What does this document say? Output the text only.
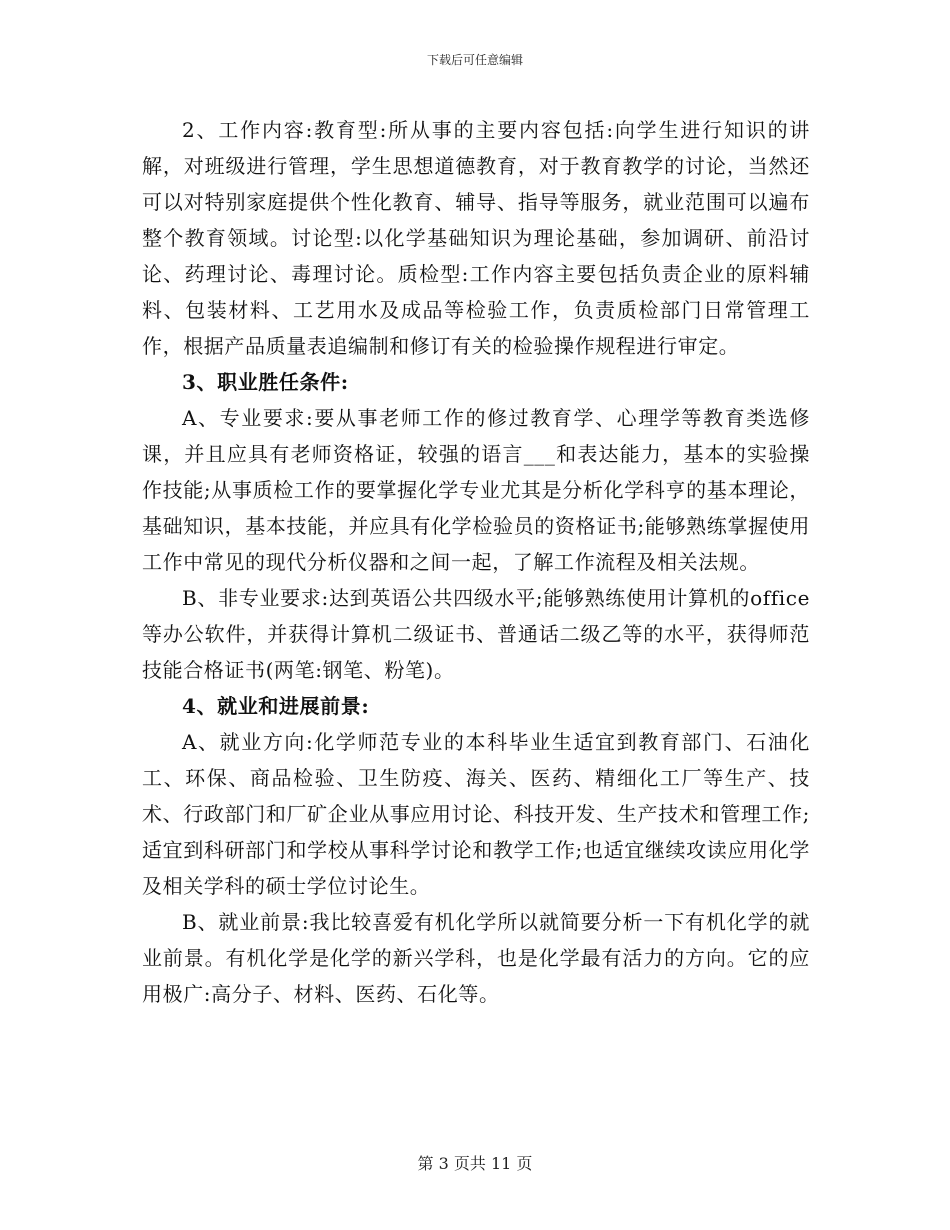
下载后可任意编辑

2、工作内容:教育型:所从事的主要内容包括:向学生进行知识的讲解，对班级进行管理，学生思想道德教育，对于教育教学的讨论，当然还可以对特别家庭提供个性化教育、辅导、指导等服务，就业范围可以遍布整个教育领域。讨论型:以化学基础知识为理论基础，参加调研、前沿讨论、药理讨论、毒理讨论。质检型:工作内容主要包括负责企业的原料辅料、包装材料、工艺用水及成品等检验工作，负责质检部门日常管理工作，根据产品质量表追编制和修订有关的检验操作规程进行审定。

3、职业胜任条件:

A、专业要求:要从事老师工作的修过教育学、心理学等教育类选修课，并且应具有老师资格证，较强的语言___和表达能力，基本的实验操作技能;从事质检工作的要掌握化学专业尤其是分析化学科亨的基本理论，基础知识，基本技能，并应具有化学检验员的资格证书;能够熟练掌握使用工作中常见的现代分析仪器和之间一起，了解工作流程及相关法规。

B、非专业要求:达到英语公共四级水平;能够熟练使用计算机的office等办公软件，并获得计算机二级证书、普通话二级乙等的水平，获得师范技能合格证书(两笔:钢笔、粉笔)。

4、就业和进展前景:

A、就业方向:化学师范专业的本科毕业生适宜到教育部门、石油化工、环保、商品检验、卫生防疫、海关、医药、精细化工厂等生产、技术、行政部门和厂矿企业从事应用讨论、科技开发、生产技术和管理工作;适宜到科研部门和学校从事科学讨论和教学工作;也适宜继续攻读应用化学及相关学科的硕士学位讨论生。

B、就业前景:我比较喜爱有机化学所以就简要分析一下有机化学的就业前景。有机化学是化学的新兴学科，也是化学最有活力的方向。它的应用极广:高分子、材料、医药、石化等。

第 3 页共 11 页
